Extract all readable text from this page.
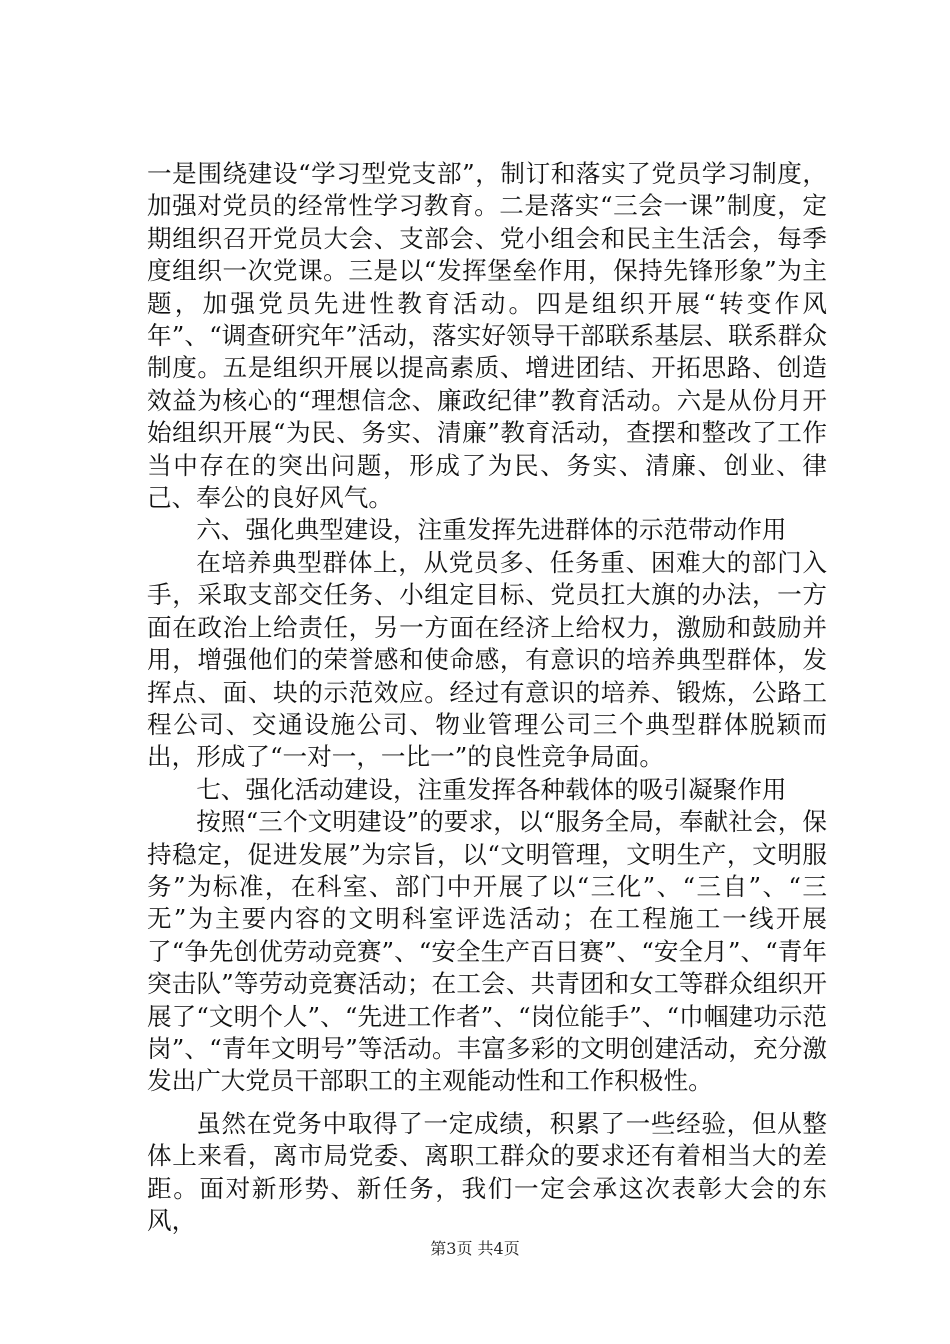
一是围绕建设“学习型党支部”，制订和落实了党员学习制度，加强对党员的经常性学习教育。二是落实“三会一课”制度，定期组织召开党员大会、支部会、党小组会和民主生活会，每季度组织一次党课。三是以“发挥堡垒作用，保持先锋形象”为主题，加强党员先进性教育活动。四是组织开展“转变作风年”、“调查研究年”活动，落实好领导干部联系基层、联系群众制度。五是组织开展以提高素质、增进团结、开拓思路、创造效益为核心的“理想信念、廉政纪律”教育活动。六是从份月开始组织开展“为民、务实、清廉”教育活动，查摆和整改了工作当中存在的突出问题，形成了为民、务实、清廉、创业、律己、奉公的良好风气。

六、强化典型建设，注重发挥先进群体的示范带动作用

在培养典型群体上，从党员多、任务重、困难大的部门入手，采取支部交任务、小组定目标、党员扛大旗的办法，一方面在政治上给责任，另一方面在经济上给权力，激励和鼓励并用，增强他们的荣誉感和使命感，有意识的培养典型群体，发挥点、面、块的示范效应。经过有意识的培养、锻炼，公路工程公司、交通设施公司、物业管理公司三个典型群体脱颖而出，形成了“一对一，一比一”的良性竞争局面。

七、强化活动建设，注重发挥各种载体的吸引凝聚作用

按照“三个文明建设”的要求，以“服务全局，奉献社会，保持稳定，促进发展”为宗旨，以“文明管理，文明生产，文明服务”为标准，在科室、部门中开展了以“三化”、“三自”、“三无”为主要内容的文明科室评选活动；在工程施工一线开展了“争先创优劳动竞赛”、“安全生产百日赛”、“安全月”、“青年突击队”等劳动竞赛活动；在工会、共青团和女工等群众组织开展了“文明个人”、“先进工作者”、“岗位能手”、“巾帼建功示范岗”、“青年文明号”等活动。丰富多彩的文明创建活动，充分激发出广大党员干部职工的主观能动性和工作积极性。

虽然在党务中取得了一定成绩，积累了一些经验，但从整体上来看，离市局党委、离职工群众的要求还有着相当大的差距。面对新形势、新任务，我们一定会承这次表彰大会的东风，

第3页 共4页
